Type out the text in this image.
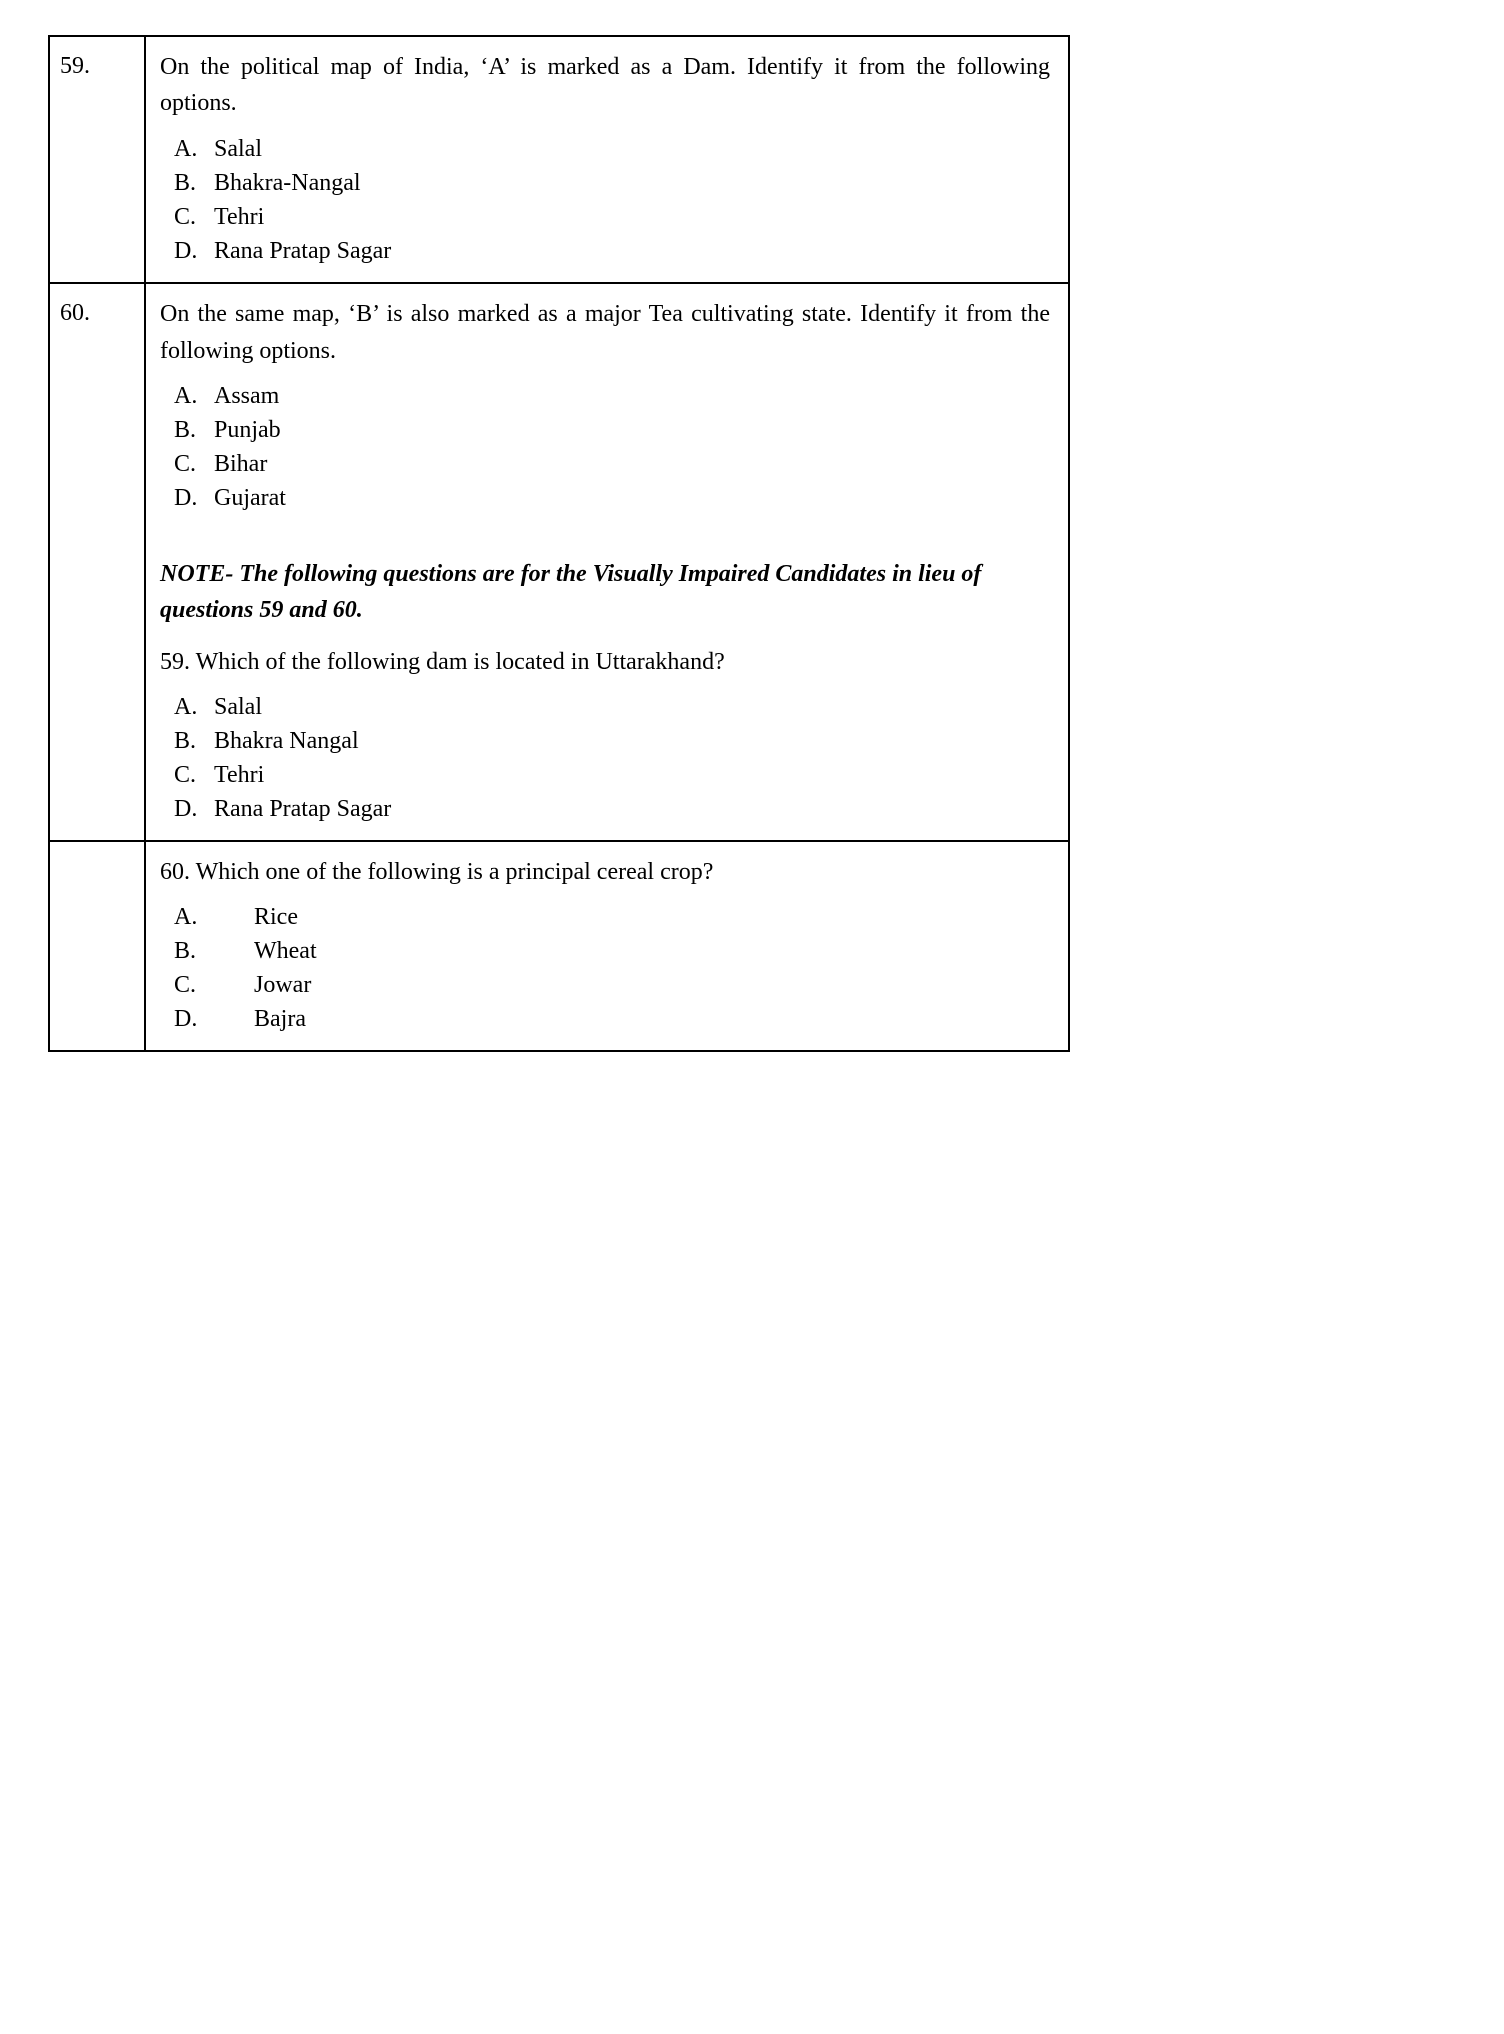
59.	On the political map of India, ‘A’ is marked as a Dam. Identify it from the following options.

A. Salal
B. Bhakra-Nangal
C. Tehri
D. Rana Pratap Sagar

60.	On the same map, ‘B’ is also marked as a major Tea cultivating state. Identify it from the following options.

A. Assam
B. Punjab
C. Bihar
D. Gujarat

NOTE- The following questions are for the Visually Impaired Candidates in lieu of questions 59 and 60.

59. Which of the following dam is located in Uttarakhand?

A. Salal
B. Bhakra Nangal
C. Tehri
D. Rana Pratap Sagar

60. Which one of the following is a principal cereal crop?

A.	Rice
B.	Wheat
C.	Jowar
D.	Bajra
